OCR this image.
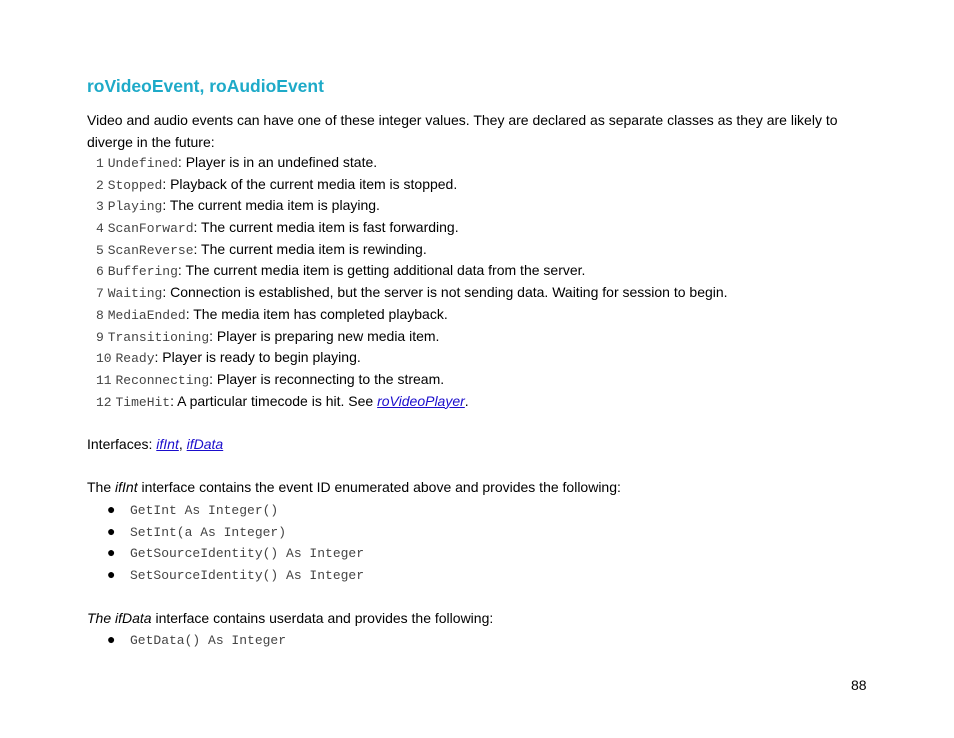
roVideoEvent, roAudioEvent

Video and audio events can have one of these integer values. They are declared as separate classes as they are likely to diverge in the future:

1 Undefined: Player is in an undefined state.
2 Stopped: Playback of the current media item is stopped.
3 Playing: The current media item is playing.
4 ScanForward: The current media item is fast forwarding.
5 ScanReverse: The current media item is rewinding.
6 Buffering: The current media item is getting additional data from the server.
7 Waiting: Connection is established, but the server is not sending data. Waiting for session to begin.
8 MediaEnded: The media item has completed playback.
9 Transitioning: Player is preparing new media item.
10 Ready: Player is ready to begin playing.
11 Reconnecting: Player is reconnecting to the stream.
12 TimeHit: A particular timecode is hit. See roVideoPlayer.
Interfaces: ifInt, ifData
The ifInt interface contains the event ID enumerated above and provides the following:
● GetInt As Integer()
● SetInt(a As Integer)
● GetSourceIdentity() As Integer
● SetSourceIdentity() As Integer
The ifData interface contains userdata and provides the following:
● GetData() As Integer
88
